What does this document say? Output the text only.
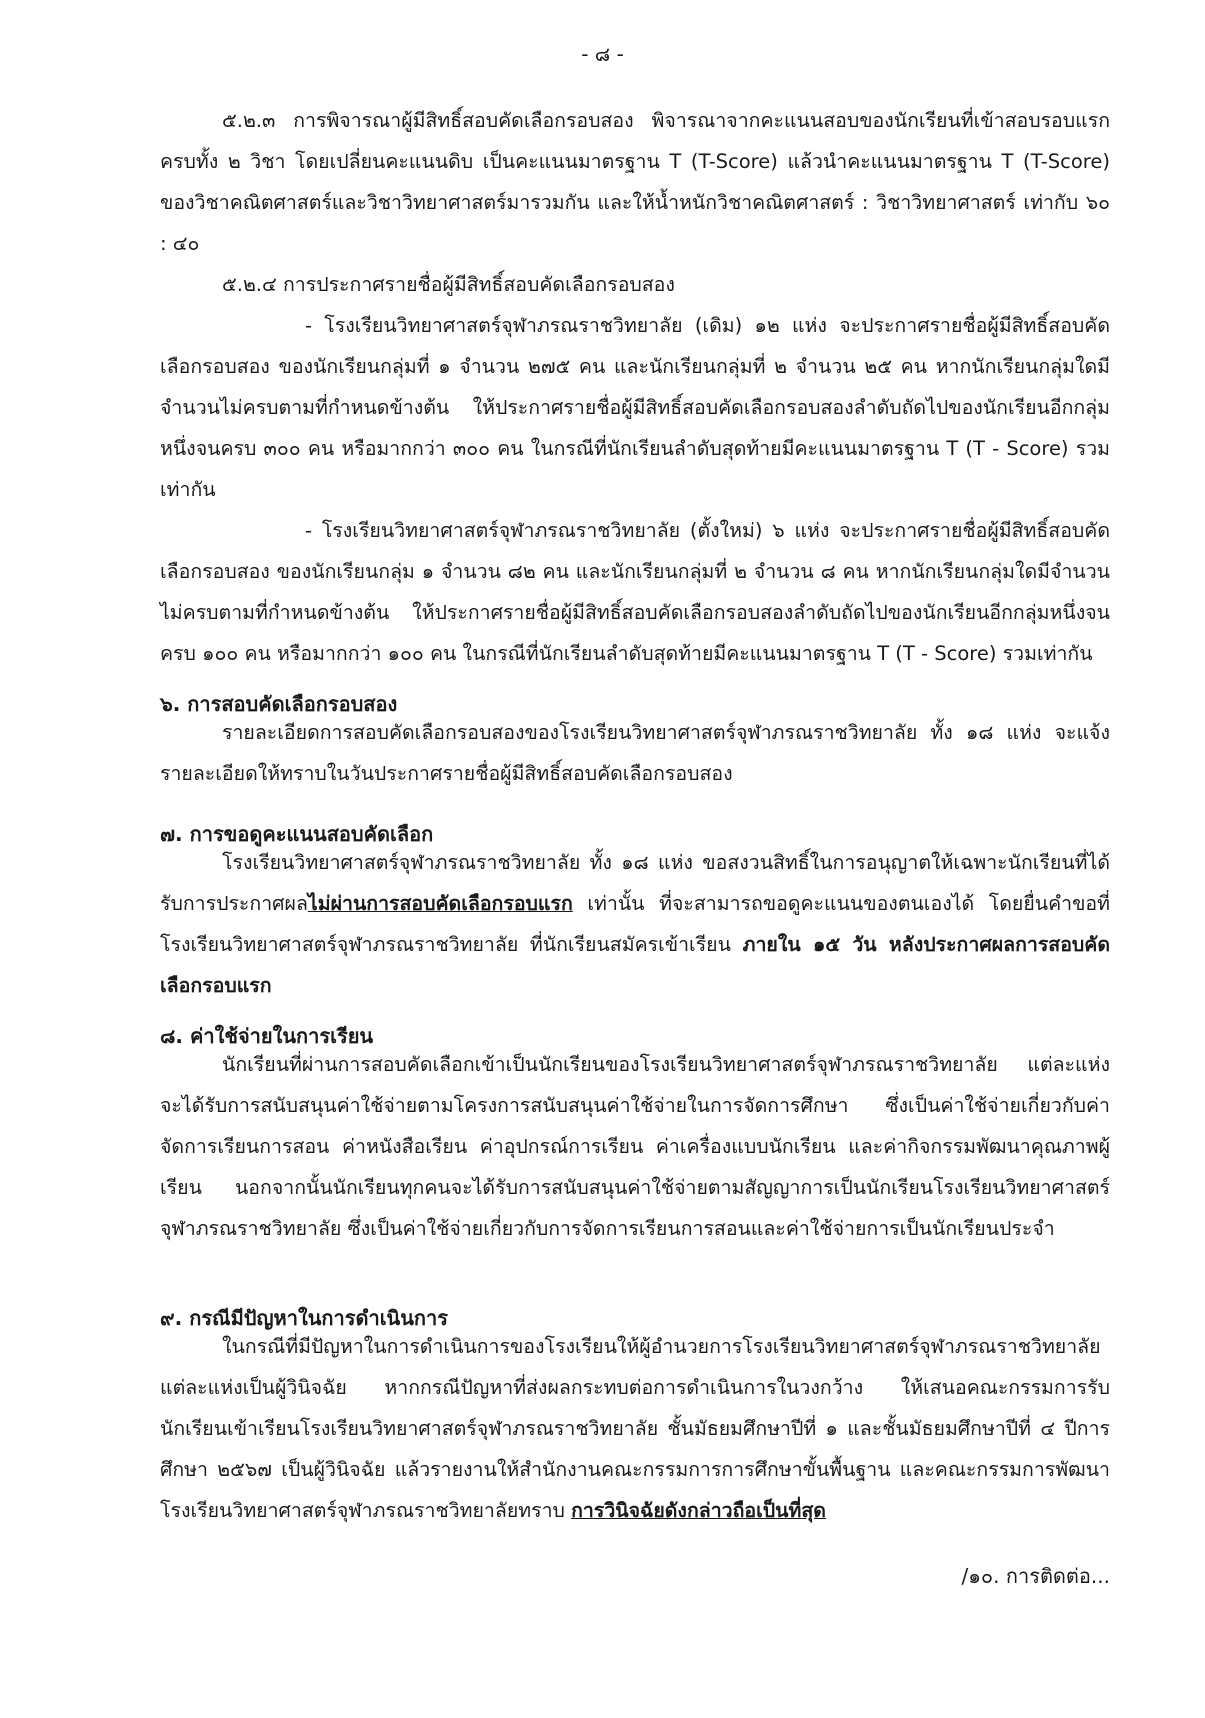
- ๘ -

๕.๒.๓ การพิจารณาผู้มีสิทธิ์สอบคัดเลือกรอบสอง พิจารณาจากคะแนนสอบของนักเรียนที่เข้าสอบรอบแรกครบทั้ง ๒ วิชา โดยเปลี่ยนคะแนนดิบ เป็นคะแนนมาตรฐาน T (T-Score) แล้วนำคะแนนมาตรฐาน T (T-Score) ของวิชาคณิตศาสตร์และวิชาวิทยาศาสตร์มารวมกัน และให้น้ำหนักวิชาคณิตศาสตร์ : วิชาวิทยาศาสตร์ เท่ากับ ๖๐ : ๔๐

๕.๒.๔ การประกาศรายชื่อผู้มีสิทธิ์สอบคัดเลือกรอบสอง

- โรงเรียนวิทยาศาสตร์จุฬาภรณราชวิทยาลัย (เดิม) ๑๒ แห่ง จะประกาศรายชื่อผู้มีสิทธิ์สอบคัดเลือกรอบสอง ของนักเรียนกลุ่มที่ ๑ จำนวน ๒๗๕ คน และนักเรียนกลุ่มที่ ๒ จำนวน ๒๕ คน หากนักเรียนกลุ่มใดมีจำนวนไม่ครบตามที่กำหนดข้างต้น ให้ประกาศรายชื่อผู้มีสิทธิ์สอบคัดเลือกรอบสองลำดับถัดไปของนักเรียนอีกกลุ่มหนึ่งจนครบ ๓๐๐ คน หรือมากกว่า ๓๐๐ คน ในกรณีที่นักเรียนลำดับสุดท้ายมีคะแนนมาตรฐาน T (T - Score) รวมเท่ากัน

- โรงเรียนวิทยาศาสตร์จุฬาภรณราชวิทยาลัย (ตั้งใหม่) ๖ แห่ง จะประกาศรายชื่อผู้มีสิทธิ์สอบคัดเลือกรอบสอง ของนักเรียนกลุ่ม ๑ จำนวน ๘๒ คน และนักเรียนกลุ่มที่ ๒ จำนวน ๘ คน หากนักเรียนกลุ่มใดมีจำนวนไม่ครบตามที่กำหนดข้างต้น ให้ประกาศรายชื่อผู้มีสิทธิ์สอบคัดเลือกรอบสองลำดับถัดไปของนักเรียนอีกกลุ่มหนึ่งจนครบ ๑๐๐ คน หรือมากกว่า ๑๐๐ คน ในกรณีที่นักเรียนลำดับสุดท้ายมีคะแนนมาตรฐาน T (T - Score) รวมเท่ากัน

๖. การสอบคัดเลือกรอบสอง

รายละเอียดการสอบคัดเลือกรอบสองของโรงเรียนวิทยาศาสตร์จุฬาภรณราชวิทยาลัย ทั้ง ๑๘ แห่ง จะแจ้งรายละเอียดให้ทราบในวันประกาศรายชื่อผู้มีสิทธิ์สอบคัดเลือกรอบสอง

๗. การขอดูคะแนนสอบคัดเลือก

โรงเรียนวิทยาศาสตร์จุฬาภรณราชวิทยาลัย ทั้ง ๑๘ แห่ง ขอสงวนสิทธิ์ในการอนุญาตให้เฉพาะนักเรียนที่ได้รับการประกาศผลไม่ผ่านการสอบคัดเลือกรอบแรก เท่านั้น ที่จะสามารถขอดูคะแนนของตนเองได้ โดยยื่นคำขอที่โรงเรียนวิทยาศาสตร์จุฬาภรณราชวิทยาลัย ที่นักเรียนสมัครเข้าเรียน ภายใน ๑๕ วัน หลังประกาศผลการสอบคัดเลือกรอบแรก

๘. ค่าใช้จ่ายในการเรียน

นักเรียนที่ผ่านการสอบคัดเลือกเข้าเป็นนักเรียนของโรงเรียนวิทยาศาสตร์จุฬาภรณราชวิทยาลัย แต่ละแห่ง จะได้รับการสนับสนุนค่าใช้จ่ายตามโครงการสนับสนุนค่าใช้จ่ายในการจัดการศึกษา ซึ่งเป็นค่าใช้จ่ายเกี่ยวกับค่าจัดการเรียนการสอน ค่าหนังสือเรียน ค่าอุปกรณ์การเรียน ค่าเครื่องแบบนักเรียน และค่ากิจกรรมพัฒนาคุณภาพผู้เรียน นอกจากนั้นนักเรียนทุกคนจะได้รับการสนับสนุนค่าใช้จ่ายตามสัญญาการเป็นนักเรียนโรงเรียนวิทยาศาสตร์จุฬาภรณราชวิทยาลัย ซึ่งเป็นค่าใช้จ่ายเกี่ยวกับการจัดการเรียนการสอนและค่าใช้จ่ายการเป็นนักเรียนประจำ

๙. กรณีมีปัญหาในการดำเนินการ

ในกรณีที่มีปัญหาในการดำเนินการของโรงเรียนให้ผู้อำนวยการโรงเรียนวิทยาศาสตร์จุฬาภรณราชวิทยาลัยแต่ละแห่งเป็นผู้วินิจฉัย หากกรณีปัญหาที่ส่งผลกระทบต่อการดำเนินการในวงกว้าง ให้เสนอคณะกรรมการรับนักเรียนเข้าเรียนโรงเรียนวิทยาศาสตร์จุฬาภรณราชวิทยาลัย ชั้นมัธยมศึกษาปีที่ ๑ และชั้นมัธยมศึกษาปีที่ ๔ ปีการศึกษา ๒๕๖๗ เป็นผู้วินิจฉัย แล้วรายงานให้สำนักงานคณะกรรมการการศึกษาขั้นพื้นฐาน และคณะกรรมการพัฒนาโรงเรียนวิทยาศาสตร์จุฬาภรณราชวิทยาลัยทราบ การวินิจฉัยดังกล่าวถือเป็นที่สุด

/๑๐. การติดต่อ...
